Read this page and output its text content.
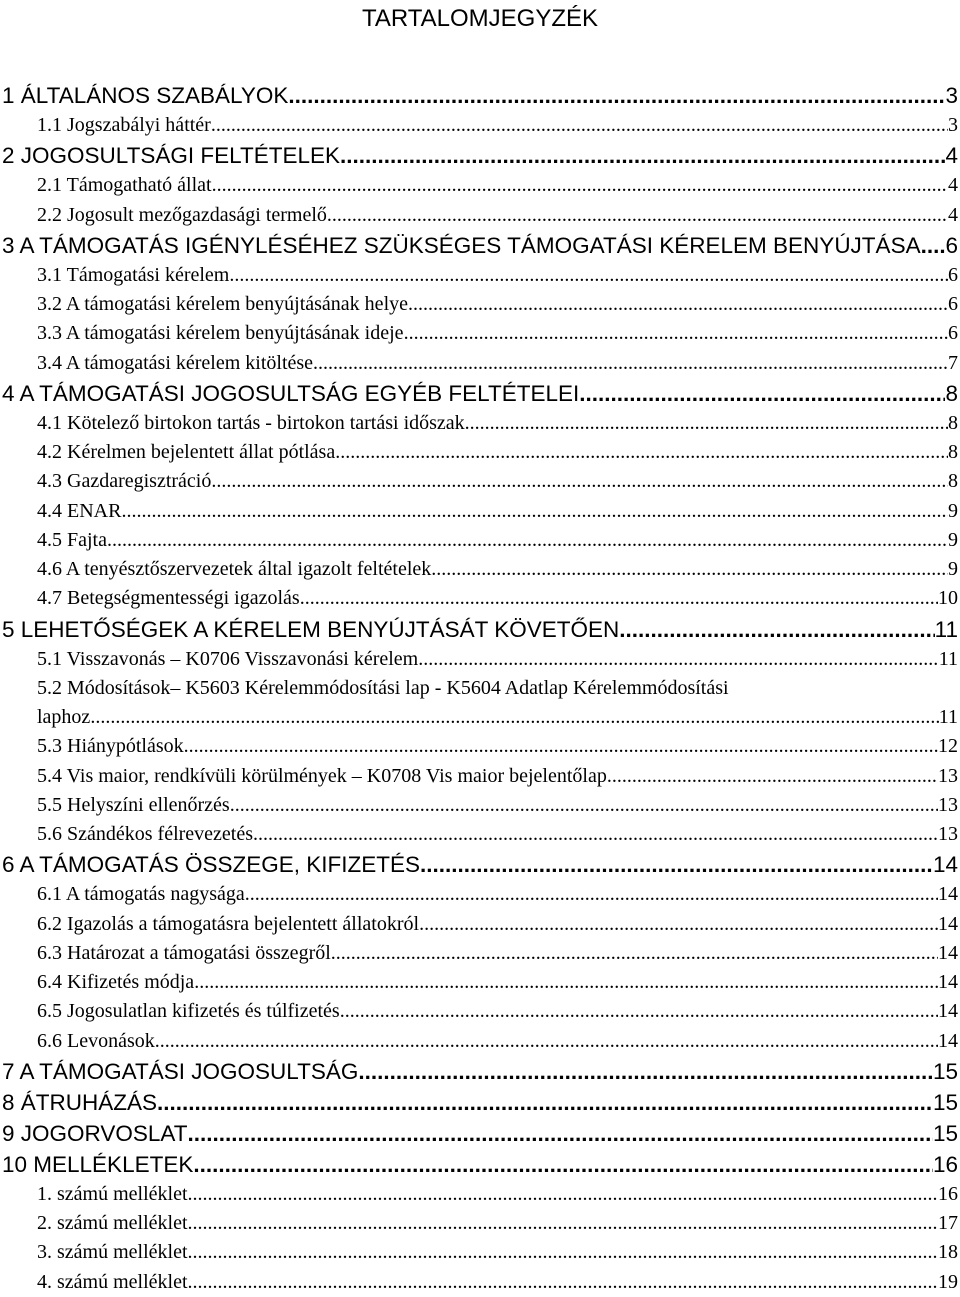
TARTALOMJEGYZÉK
1 ÁLTALÁNOS SZABÁLYOK .....	3
1.1 Jogszabályi háttér .....	3
2 JOGOSULTSÁGI FELTÉTELEK .....	4
2.1 Támogatható állat .....	4
2.2 Jogosult mezőgazdasági termelő .....	4
3 A TÁMOGATÁS IGÉNYLÉSÉHEZ SZÜKSÉGES TÁMOGATÁSI KÉRELEM BENYÚJTÁSA ..... 6
3.1 Támogatási kérelem .....	6
3.2 A támogatási kérelem benyújtásának helye .....	6
3.3 A támogatási kérelem benyújtásának ideje .....	6
3.4 A támogatási kérelem kitöltése .....	7
4 A TÁMOGATÁSI JOGOSULTSÁG EGYÉB FELTÉTELEI .....	8
4.1 Kötelező birtokon tartás - birtokon tartási időszak .....	8
4.2 Kérelmen bejelentett állat pótlása .....	8
4.3 Gazdaregisztráció .....	8
4.4 ENAR .....	9
4.5 Fajta .....	9
4.6 A tenyésztőszervezetek által igazolt feltételek .....	9
4.7 Betegségmentességi igazolás .....	10
5 LEHETŐSÉGEK A KÉRELEM BENYÚJTÁSÁT KÖVETŐEN .....	11
5.1 Visszavonás – K0706 Visszavonási kérelem .....	11
5.2 Módosítások– K5603 Kérelemmódosítási lap - K5604 Adatlap Kérelemmódosítási
laphoz .....	11
5.3 Hiánypótlások .....	12
5.4 Vis maior, rendkívüli körülmények – K0708 Vis maior bejelentőlap .....	13
5.5 Helyszíni ellenőrzés .....	13
5.6 Szándékos félrevezetés .....	13
6 A TÁMOGATÁS ÖSSZEGE, KIFIZETÉS .....	14
6.1 A támogatás nagysága .....	14
6.2 Igazolás a támogatásra bejelentett állatokról .....	14
6.3 Határozat a támogatási összegről .....	14
6.4 Kifizetés módja .....	14
6.5 Jogosulatlan kifizetés és túlfizetés .....	14
6.6 Levonások .....	14
7 A TÁMOGATÁSI JOGOSULTSÁG .....	15
8 ÁTRUHÁZÁS .....	15
9 JOGORVOSLAT .....	15
10 MELLÉKLETEK .....	16
1. számú melléklet .....	16
2. számú melléklet .....	17
3. számú melléklet .....	18
4. számú melléklet .....	19
